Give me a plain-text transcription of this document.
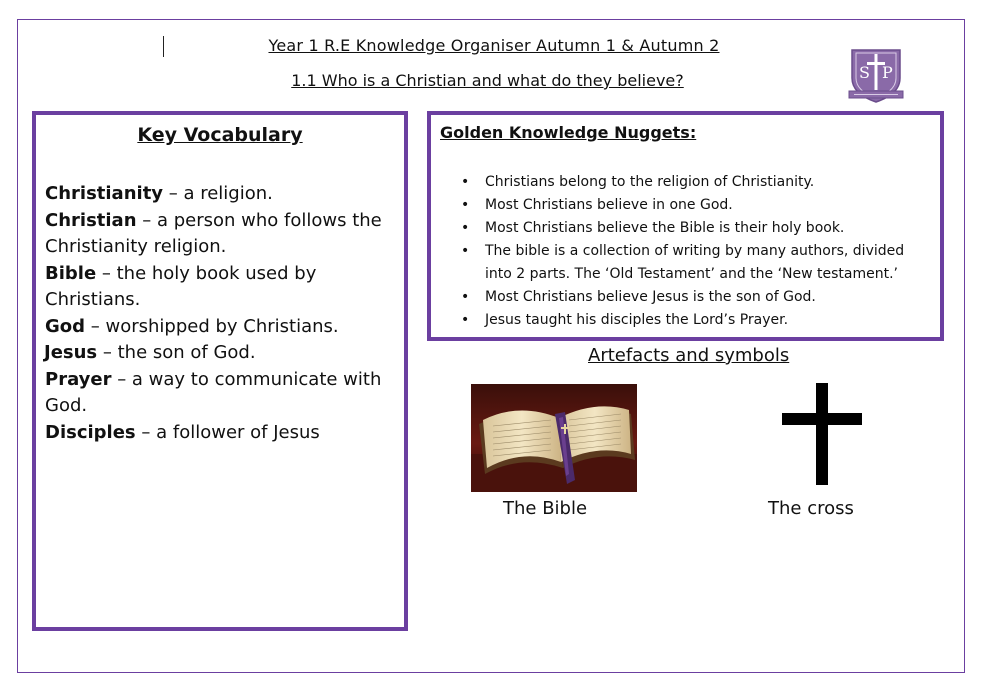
Year 1 R.E Knowledge Organiser Autumn 1 & Autumn 2
1.1 Who is a Christian and what do they believe?	S P
Key Vocabulary
Christianity – a religion.
Christian – a person who follows the Christianity religion.
Bible – the holy book used by Christians.
God – worshipped by Christians.
Jesus – the son of God.
Prayer – a way to communicate with God.
Disciples – a follower of Jesus
Golden Knowledge Nuggets:
• Christians belong to the religion of Christianity.
• Most Christians believe in one God.
• Most Christians believe the Bible is their holy book.
• The bible is a collection of writing by many authors, divided into 2 parts. The ‘Old Testament’ and the ‘New testament.’
• Most Christians believe Jesus is the son of God.
• Jesus taught his disciples the Lord’s Prayer.
Artefacts and symbols
The Bible	The cross
